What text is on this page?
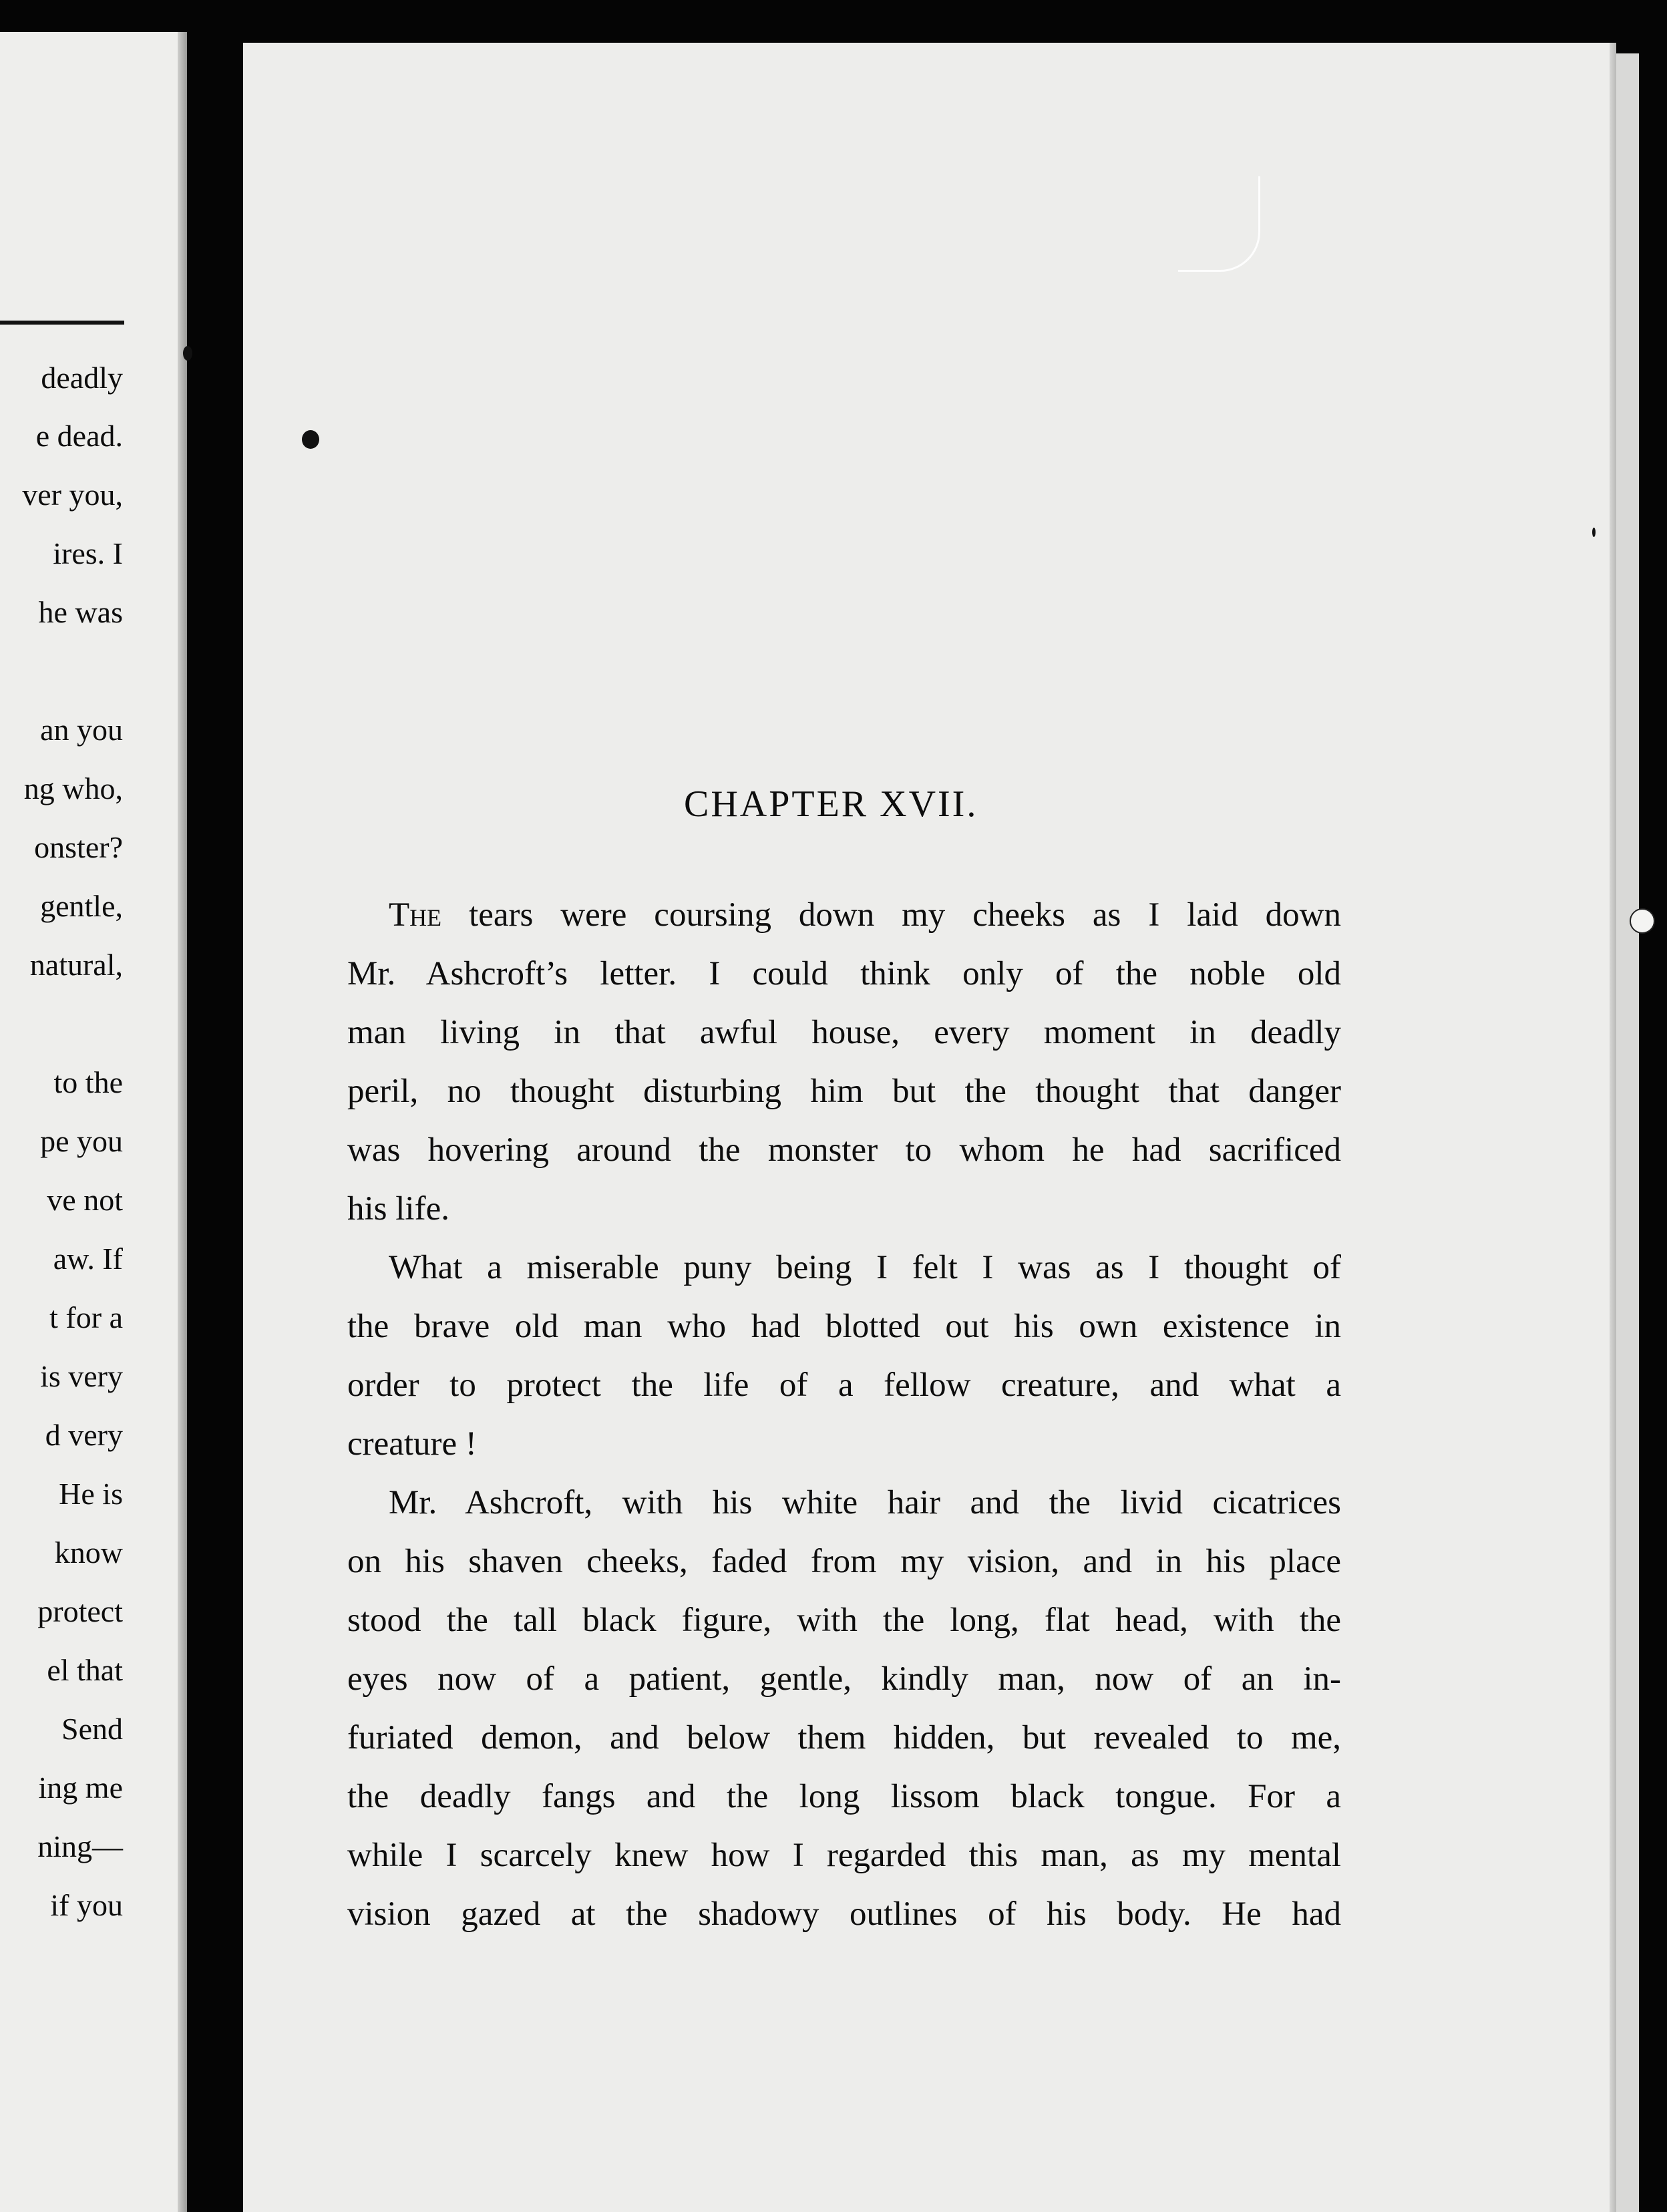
deadly
e dead.
ver you,
ires. I
he was
an you
ng who,
onster?
gentle,
natural,
to the
pe you
ve not
aw. If
t for a
is very
d very
He is
know
protect
el that
Send
ing me
ning—
if you
CHAPTER XVII.
The tears were coursing down my cheeks as I laid down
Mr. Ashcroft’s letter. I could think only of the noble old
man living in that awful house, every moment in deadly
peril, no thought disturbing him but the thought that danger
was hovering around the monster to whom he had sacrificed
his life.
What a miserable puny being I felt I was as I thought of
the brave old man who had blotted out his own existence in
order to protect the life of a fellow creature, and what a
creature !
Mr. Ashcroft, with his white hair and the livid cicatrices
on his shaven cheeks, faded from my vision, and in his place
stood the tall black figure, with the long, flat head, with the
eyes now of a patient, gentle, kindly man, now of an in-
furiated demon, and below them hidden, but revealed to me,
the deadly fangs and the long lissom black tongue. For a
while I scarcely knew how I regarded this man, as my mental
vision gazed at the shadowy outlines of his body. He had
